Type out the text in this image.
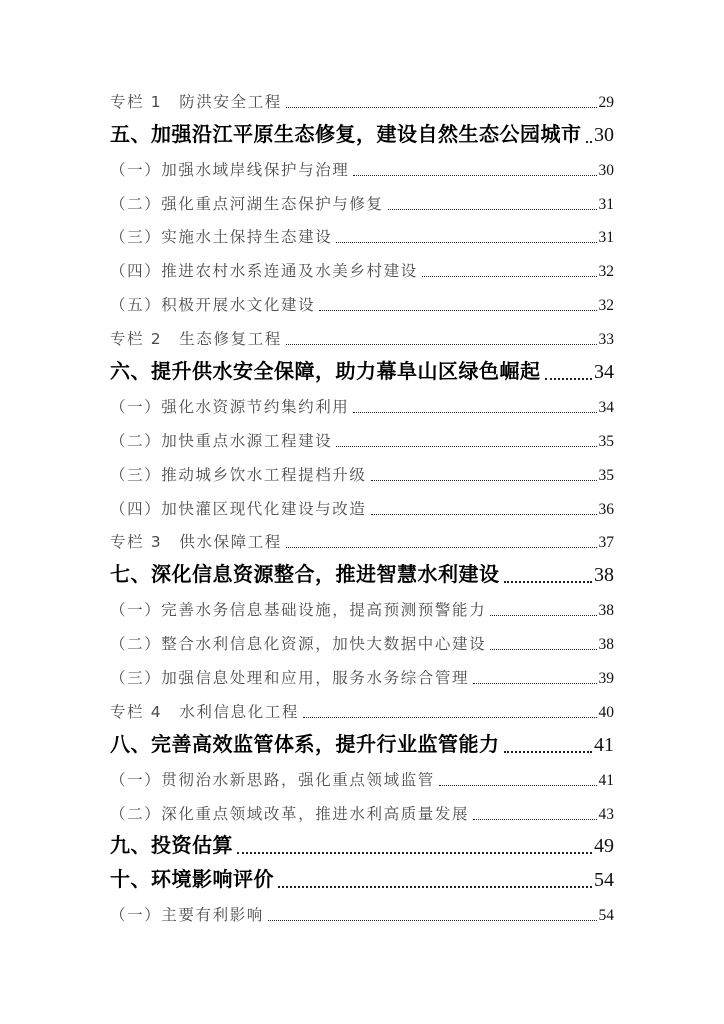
专栏 1　防洪安全工程	29
五、加强沿江平原生态修复，建设自然生态公园城市 30
（一）加强水域岸线保护与治理	30
（二）强化重点河湖生态保护与修复	31
（三）实施水土保持生态建设	31
（四）推进农村水系连通及水美乡村建设	32
（五）积极开展水文化建设	32
专栏 2　生态修复工程	33
六、提升供水安全保障，助力幕阜山区绿色崛起	34
（一）强化水资源节约集约利用	34
（二）加快重点水源工程建设	35
（三）推动城乡饮水工程提档升级	35
（四）加快灌区现代化建设与改造	36
专栏 3　供水保障工程	37
七、深化信息资源整合，推进智慧水利建设	38
（一）完善水务信息基础设施，提高预测预警能力	38
（二）整合水利信息化资源，加快大数据中心建设	38
（三）加强信息处理和应用，服务水务综合管理	39
专栏 4　水利信息化工程	40
八、完善高效监管体系，提升行业监管能力	41
（一）贯彻治水新思路，强化重点领域监管	41
（二）深化重点领域改革，推进水利高质量发展	43
九、投资估算	49
十、环境影响评价	54
（一）主要有利影响	54
